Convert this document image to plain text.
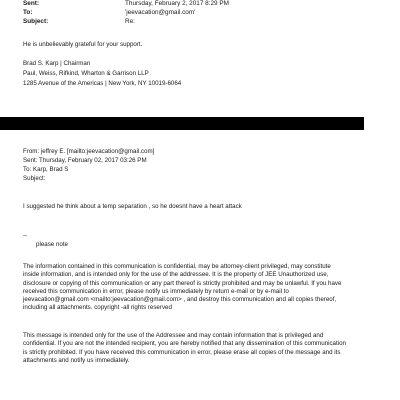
Sent:	Thursday, February 2, 2017 8:29 PM
To:	'jeevacation@gmail.com'
Subject:	Re:
He is unbelievably grateful for your support.
Brad S. Karp | Chairman
Paul, Weiss, Rifkind, Wharton & Garrison LLP
1285 Avenue of the Americas | New York, NY 10019-6064
From: jeffrey E. [mailto:jeevacation@gmail.com]
Sent: Thursday, February 02, 2017 03:26 PM
To: Karp, Brad S
Subject:
I suggested he think about a temp separation , so he doesnt have a heart attack
--
please note
The information contained in this communication is confidential, may be attorney-client privileged, may constitute
inside information, and is intended only for the use of the addressee. It is the property of JEE Unauthorized use,
disclosure or copying of this communication or any part thereof is strictly prohibited and may be unlawful. If you have
received this communication in error, please notify us immediately by return e-mail or by e-mail to
jeevacation@gmail.com <mailto:jeevacation@gmail.com> , and destroy this communication and all copies thereof,
including all attachments. copyright -all rights reserved
This message is intended only for the use of the Addressee and may contain information that is privileged and
confidential. If you are not the intended recipient, you are hereby notified that any dissemination of this communication
is strictly prohibited. If you have received this communication in error, please erase all copies of the message and its
attachments and notify us immediately.
